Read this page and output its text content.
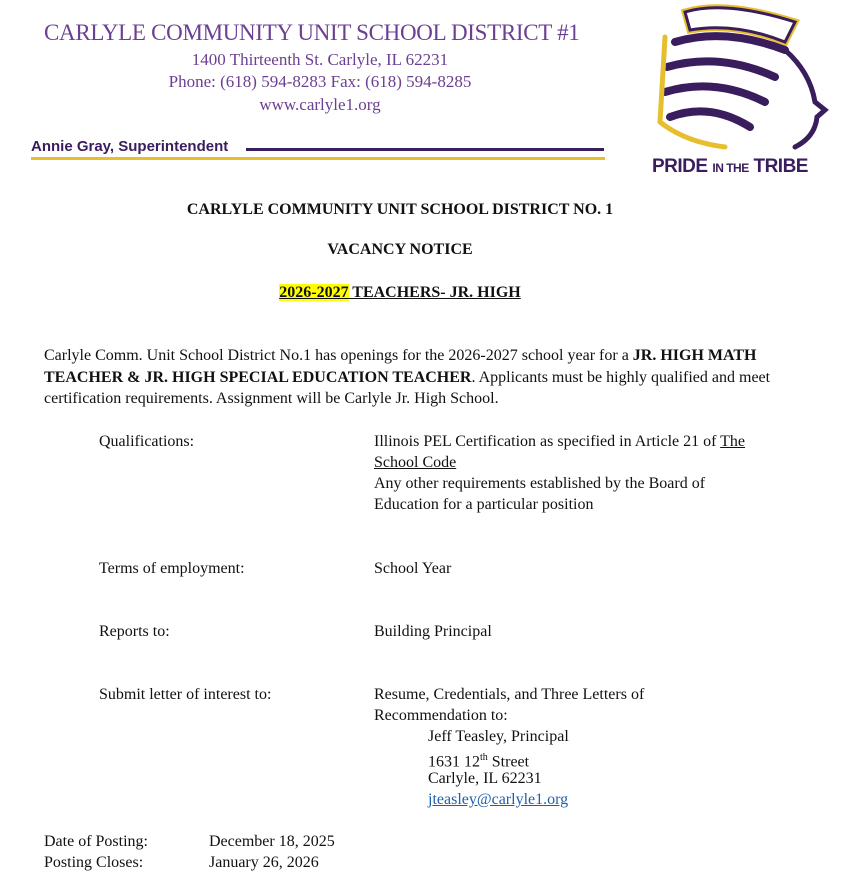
CARLYLE COMMUNITY UNIT SCHOOL DISTRICT #1
1400 Thirteenth St. Carlyle, IL 62231
Phone: (618) 594-8283 Fax: (618) 594-8285
www.carlyle1.org
Annie Gray, Superintendent
PRIDE IN THE TRIBE
CARLYLE COMMUNITY UNIT SCHOOL DISTRICT NO. 1
VACANCY NOTICE
2026-2027 TEACHERS- JR. HIGH
Carlyle Comm. Unit School District No.1 has openings for the 2026-2027 school year for a JR. HIGH MATH TEACHER & JR. HIGH SPECIAL EDUCATION TEACHER. Applicants must be highly qualified and meet certification requirements. Assignment will be Carlyle Jr. High School.
Qualifications:	Illinois PEL Certification as specified in Article 21 of The
School Code
Any other requirements established by the Board of
Education for a particular position
Terms of employment:	School Year
Reports to:	Building Principal
Submit letter of interest to:	Resume, Credentials, and Three Letters of
Recommendation to:
Jeff Teasley, Principal
1631 12th Street
Carlyle, IL 62231
jteasley@carlyle1.org
Date of Posting:	December 18, 2025
Posting Closes:	January 26, 2026
